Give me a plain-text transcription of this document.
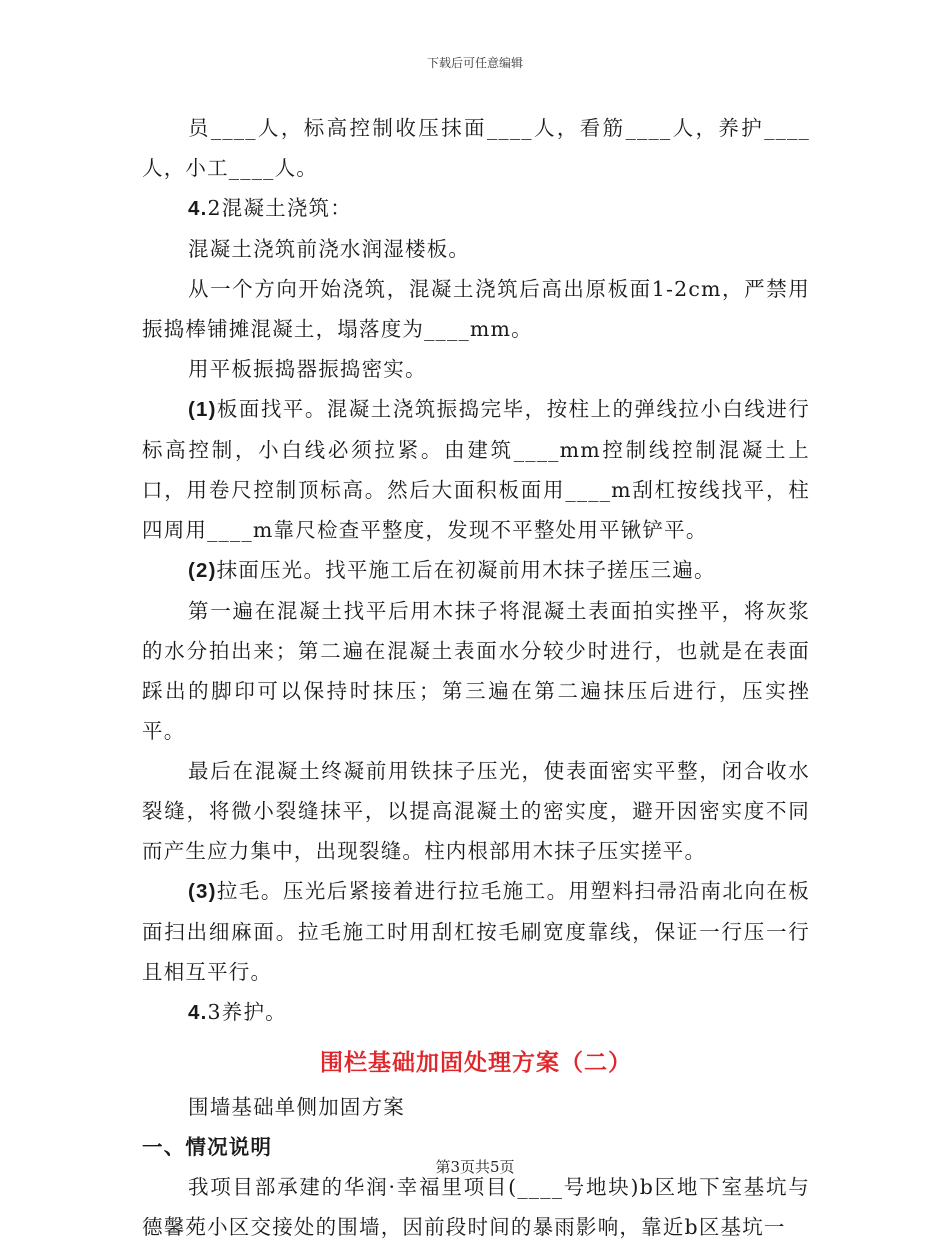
下载后可任意编辑

员____人，标高控制收压抹面____人，看筋____人，养护____人，小工____人。

4.2混凝土浇筑：

混凝土浇筑前浇水润湿楼板。

从一个方向开始浇筑，混凝土浇筑后高出原板面1-2cm，严禁用振捣棒铺摊混凝土，塌落度为____mm。

用平板振捣器振捣密实。

(1)板面找平。混凝土浇筑振捣完毕，按柱上的弹线拉小白线进行标高控制，小白线必须拉紧。由建筑____mm控制线控制混凝土上口，用卷尺控制顶标高。然后大面积板面用____m刮杠按线找平，柱四周用____m靠尺检查平整度，发现不平整处用平锹铲平。

(2)抹面压光。找平施工后在初凝前用木抹子搓压三遍。

第一遍在混凝土找平后用木抹子将混凝土表面拍实挫平，将灰浆的水分拍出来；第二遍在混凝土表面水分较少时进行，也就是在表面踩出的脚印可以保持时抹压；第三遍在第二遍抹压后进行，压实挫平。

最后在混凝土终凝前用铁抹子压光，使表面密实平整，闭合收水裂缝，将微小裂缝抹平，以提高混凝土的密实度，避开因密实度不同而产生应力集中，出现裂缝。柱内根部用木抹子压实搓平。

(3)拉毛。压光后紧接着进行拉毛施工。用塑料扫帚沿南北向在板面扫出细麻面。拉毛施工时用刮杠按毛刷宽度靠线，保证一行压一行且相互平行。

4.3养护。

围栏基础加固处理方案（二）

围墙基础单侧加固方案

一、情况说明

我项目部承建的华润·幸福里项目(____号地块)b区地下室基坑与德馨苑小区交接处的围墙，因前段时间的暴雨影响，靠近b区基坑一

第3页共5页
